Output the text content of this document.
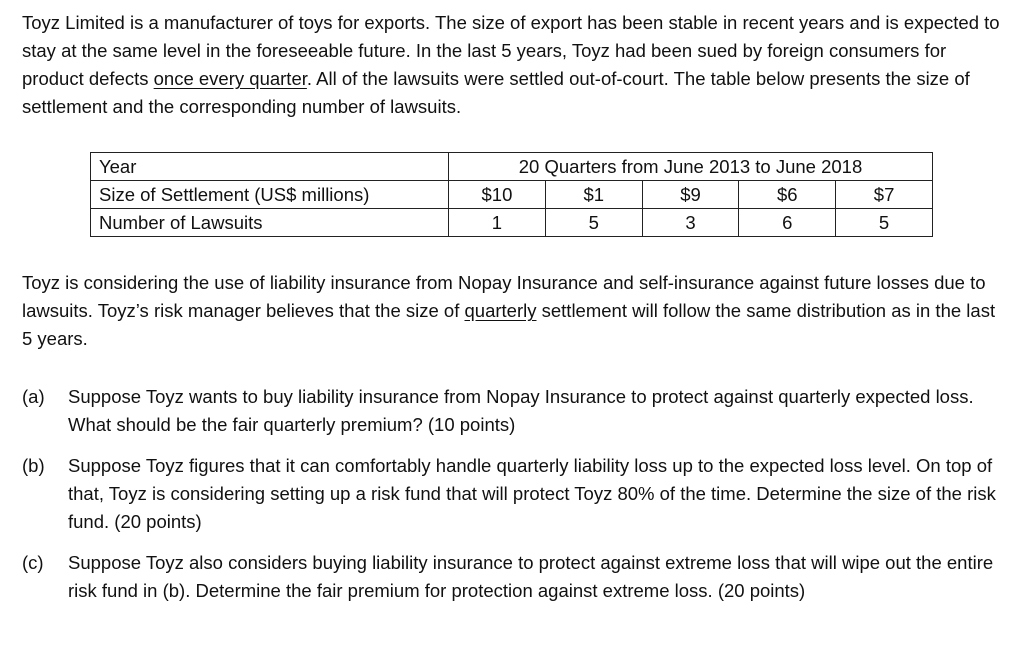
Toyz Limited is a manufacturer of toys for exports. The size of export has been stable in recent years and is expected to stay at the same level in the foreseeable future. In the last 5 years, Toyz had been sued by foreign consumers for product defects once every quarter. All of the lawsuits were settled out-of-court. The table below presents the size of settlement and the corresponding number of lawsuits.

Year	20 Quarters from June 2013 to June 2018				
Size of Settlement (US$ millions)	$10	$1	$9	$6	$7
Number of Lawsuits	1	5	3	6	5

Toyz is considering the use of liability insurance from Nopay Insurance and self-insurance against future losses due to lawsuits. Toyz’s risk manager believes that the size of quarterly settlement will follow the same distribution as in the last 5 years.

(a) Suppose Toyz wants to buy liability insurance from Nopay Insurance to protect against quarterly expected loss. What should be the fair quarterly premium? (10 points)
(b) Suppose Toyz figures that it can comfortably handle quarterly liability loss up to the expected loss level. On top of that, Toyz is considering setting up a risk fund that will protect Toyz 80% of the time. Determine the size of the risk fund. (20 points)
(c) Suppose Toyz also considers buying liability insurance to protect against extreme loss that will wipe out the entire risk fund in (b). Determine the fair premium for protection against extreme loss. (20 points)
